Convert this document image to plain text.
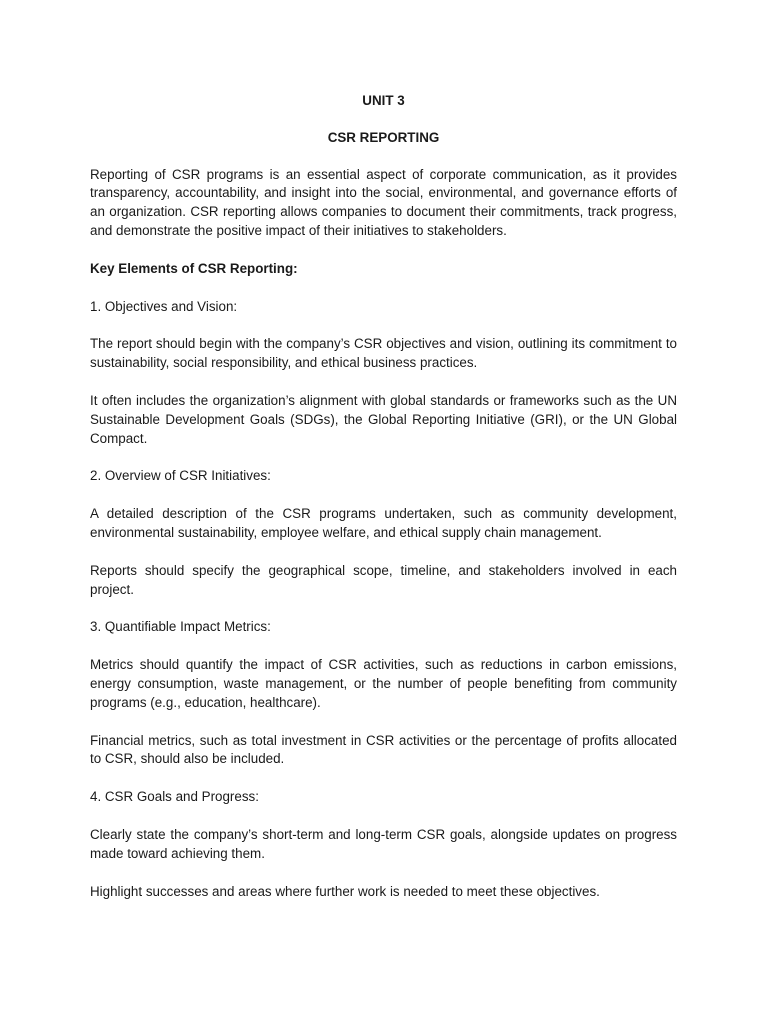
UNIT 3

CSR REPORTING

Reporting of CSR programs is an essential aspect of corporate communication, as it provides transparency, accountability, and insight into the social, environmental, and governance efforts of an organization. CSR reporting allows companies to document their commitments, track progress, and demonstrate the positive impact of their initiatives to stakeholders.

Key Elements of CSR Reporting:

1. Objectives and Vision:

The report should begin with the company’s CSR objectives and vision, outlining its commitment to sustainability, social responsibility, and ethical business practices.

It often includes the organization’s alignment with global standards or frameworks such as the UN Sustainable Development Goals (SDGs), the Global Reporting Initiative (GRI), or the UN Global Compact.

2. Overview of CSR Initiatives:

A detailed description of the CSR programs undertaken, such as community development, environmental sustainability, employee welfare, and ethical supply chain management.

Reports should specify the geographical scope, timeline, and stakeholders involved in each project.

3. Quantifiable Impact Metrics:

Metrics should quantify the impact of CSR activities, such as reductions in carbon emissions, energy consumption, waste management, or the number of people benefiting from community programs (e.g., education, healthcare).

Financial metrics, such as total investment in CSR activities or the percentage of profits allocated to CSR, should also be included.

4. CSR Goals and Progress:

Clearly state the company’s short-term and long-term CSR goals, alongside updates on progress made toward achieving them.

Highlight successes and areas where further work is needed to meet these objectives.
